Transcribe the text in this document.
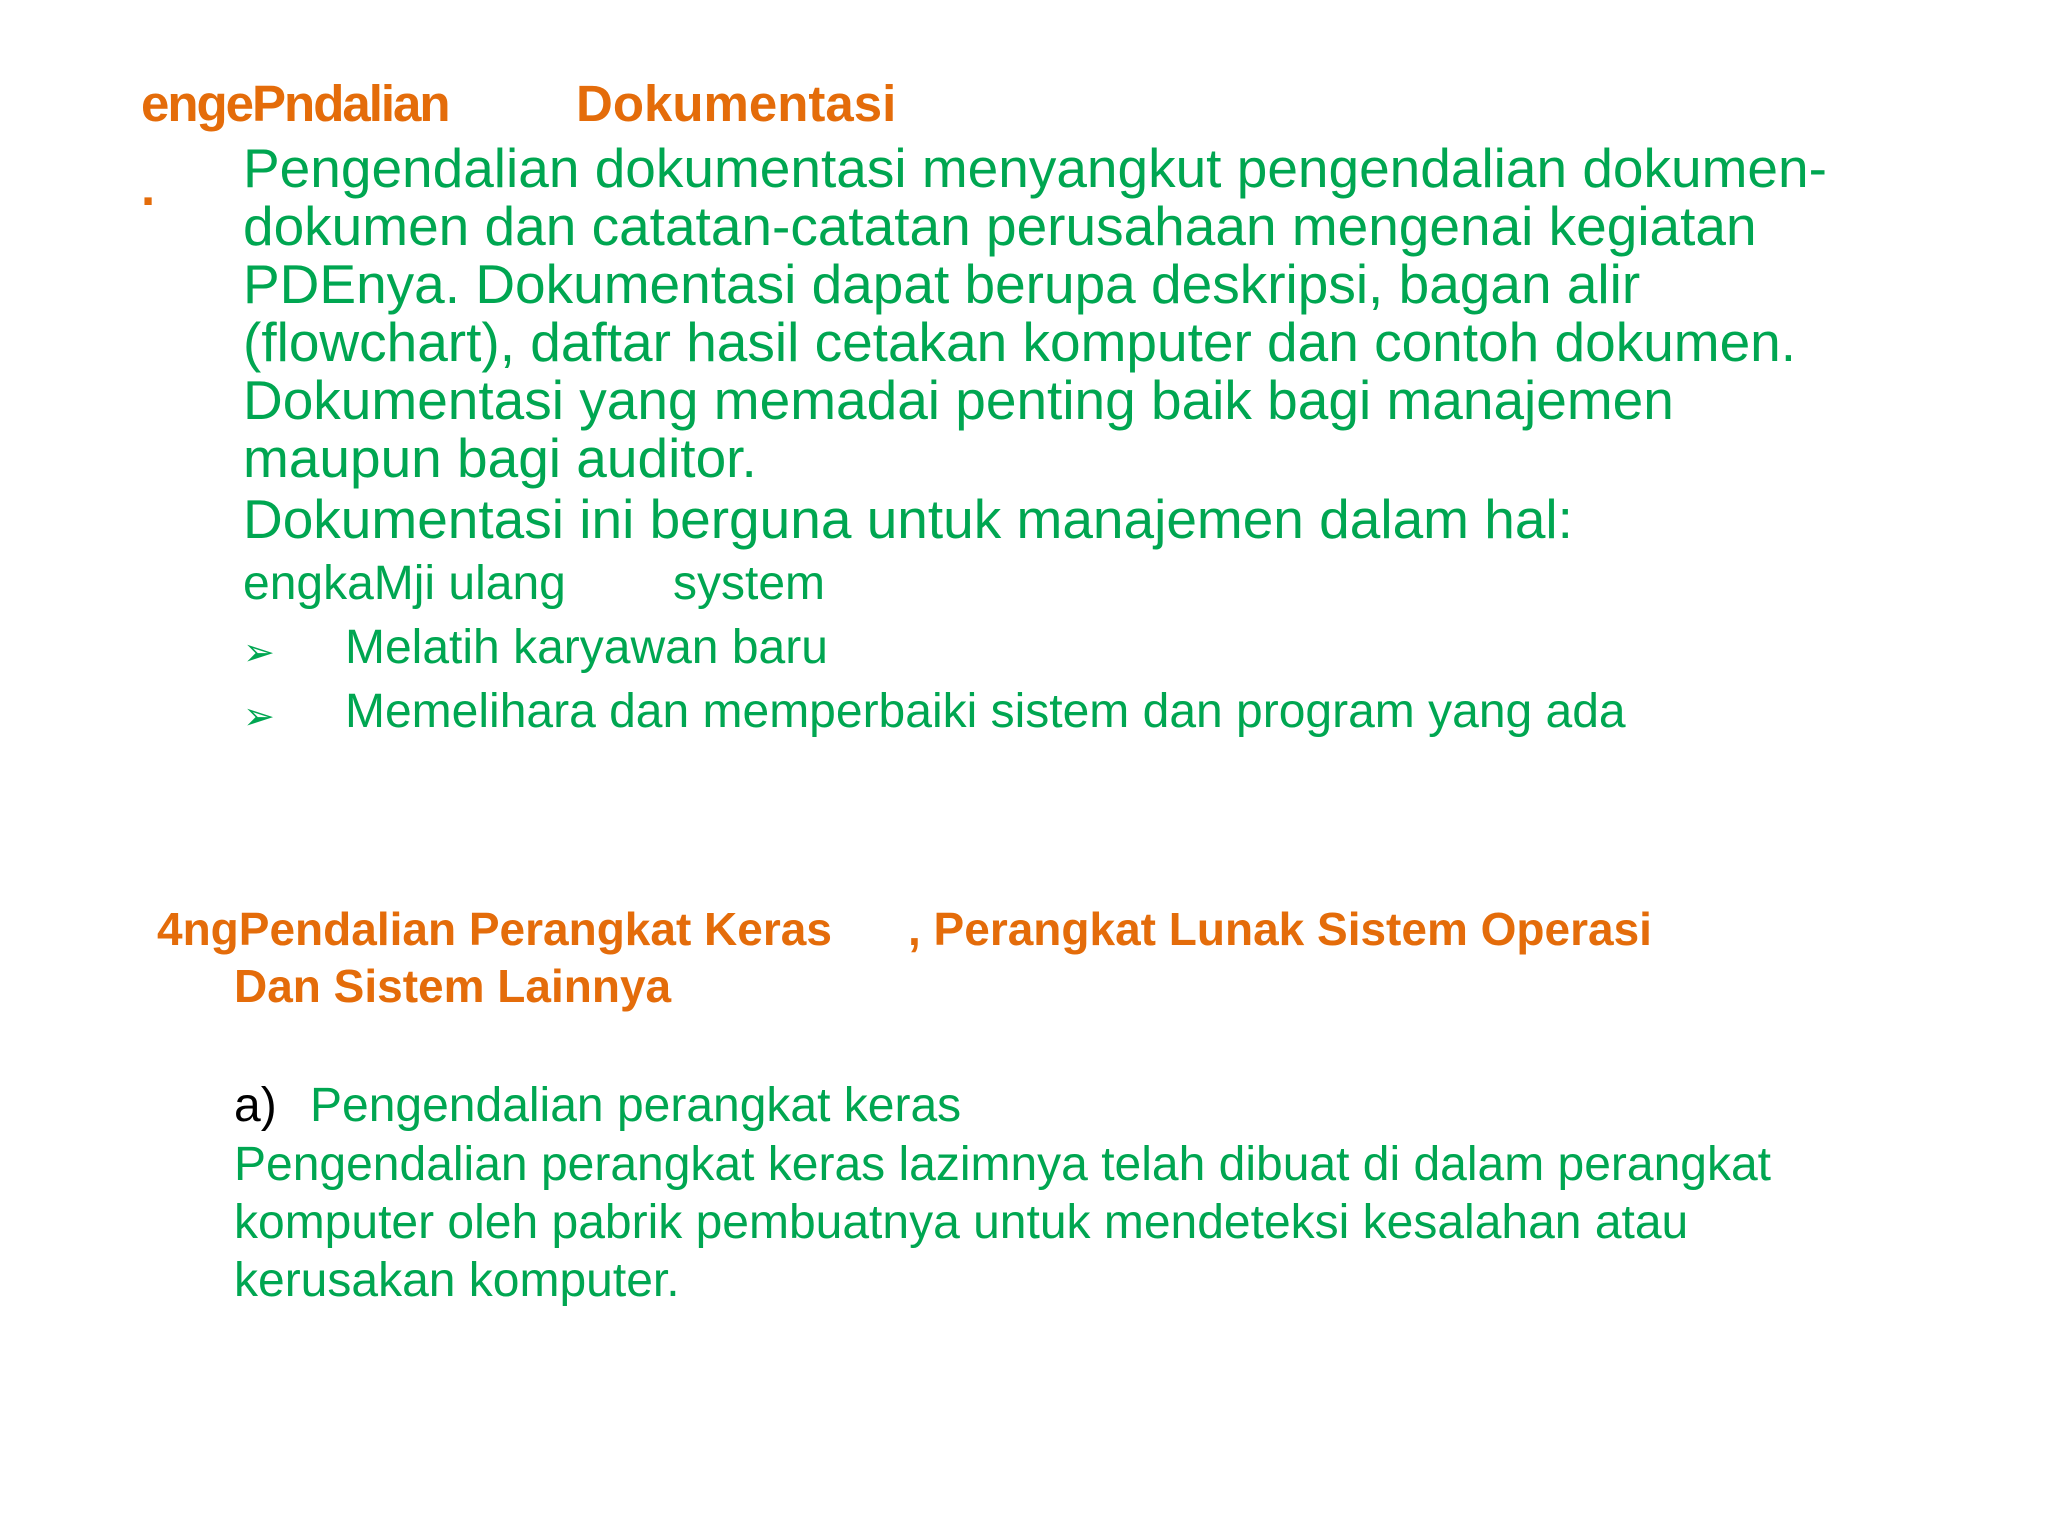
.
engePndalian Dokumentasi
Pengendalian dokumentasi menyangkut pengendalian dokumen-
dokumen dan catatan-catatan perusahaan mengenai kegiatan
PDEnya. Dokumentasi dapat berupa deskripsi, bagan alir
(flowchart), daftar hasil cetakan komputer dan contoh dokumen.
Dokumentasi yang memadai penting baik bagi manajemen
maupun bagi auditor.
Dokumentasi ini berguna untuk manajemen dalam hal:
engkaMji ulang system
➢ Melatih karyawan baru
➢ Memelihara dan memperbaiki sistem dan program yang ada
4ngPendalian Perangkat Keras , Perangkat Lunak Sistem Operasi
Dan Sistem Lainnya
a) Pengendalian perangkat keras
Pengendalian perangkat keras lazimnya telah dibuat di dalam perangkat
komputer oleh pabrik pembuatnya untuk mendeteksi kesalahan atau
kerusakan komputer.
